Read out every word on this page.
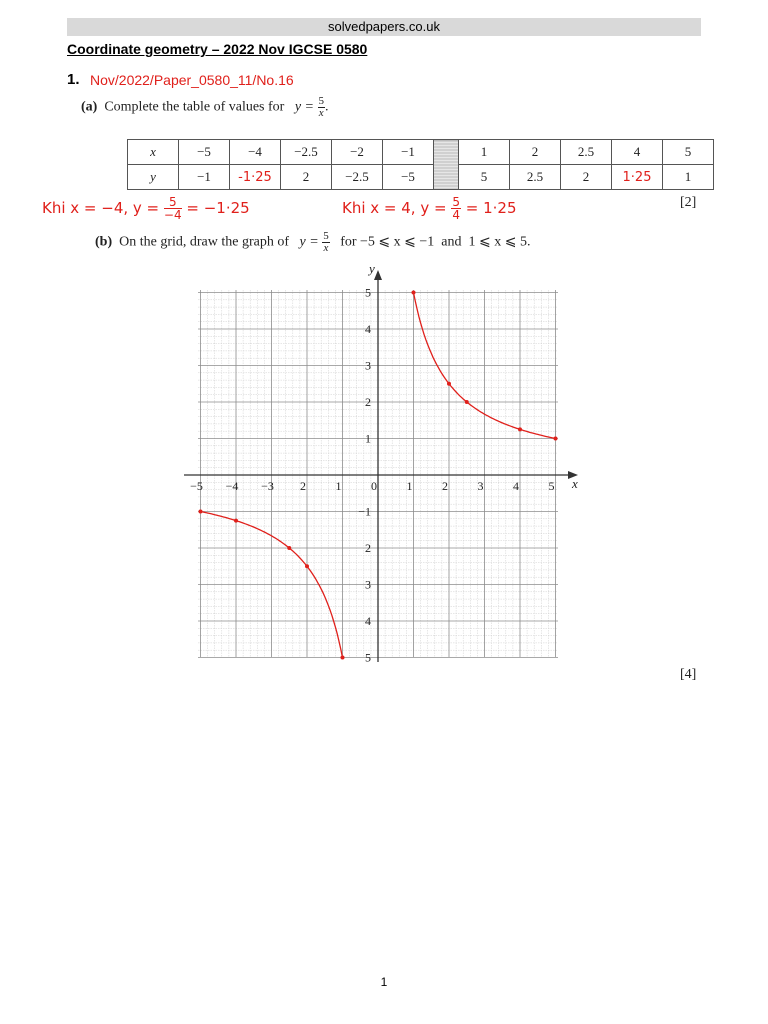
solvedpapers.co.uk
Coordinate geometry – 2022 Nov IGCSE 0580
1. Nov/2022/Paper_0580_11/No.16
(a) Complete the table of values for $y = \frac{5}{x}$ .
x	−5	−4	−2.5	−2	−1		1	2	2.5	4	5
y	−1	-1·25	2	−2.5	−5		5	2.5	2	1·25	1
Khi x = −4, $y = \frac{5}{-4} = -1\cdot 25$	Khi x = 4, $y = \frac{5}{4} = 1\cdot 25$	[2]
(b) On the grid, draw the graph of $y = \frac{5}{x}$ for −5 ⩽ x ⩽ −1 and 1 ⩽ x ⩽ 5.
x
y
−5 −4 −3 2 1 0 1 2 3 4 5
1
2
3
4
5
−1
2
3
4
5
[4]
1
